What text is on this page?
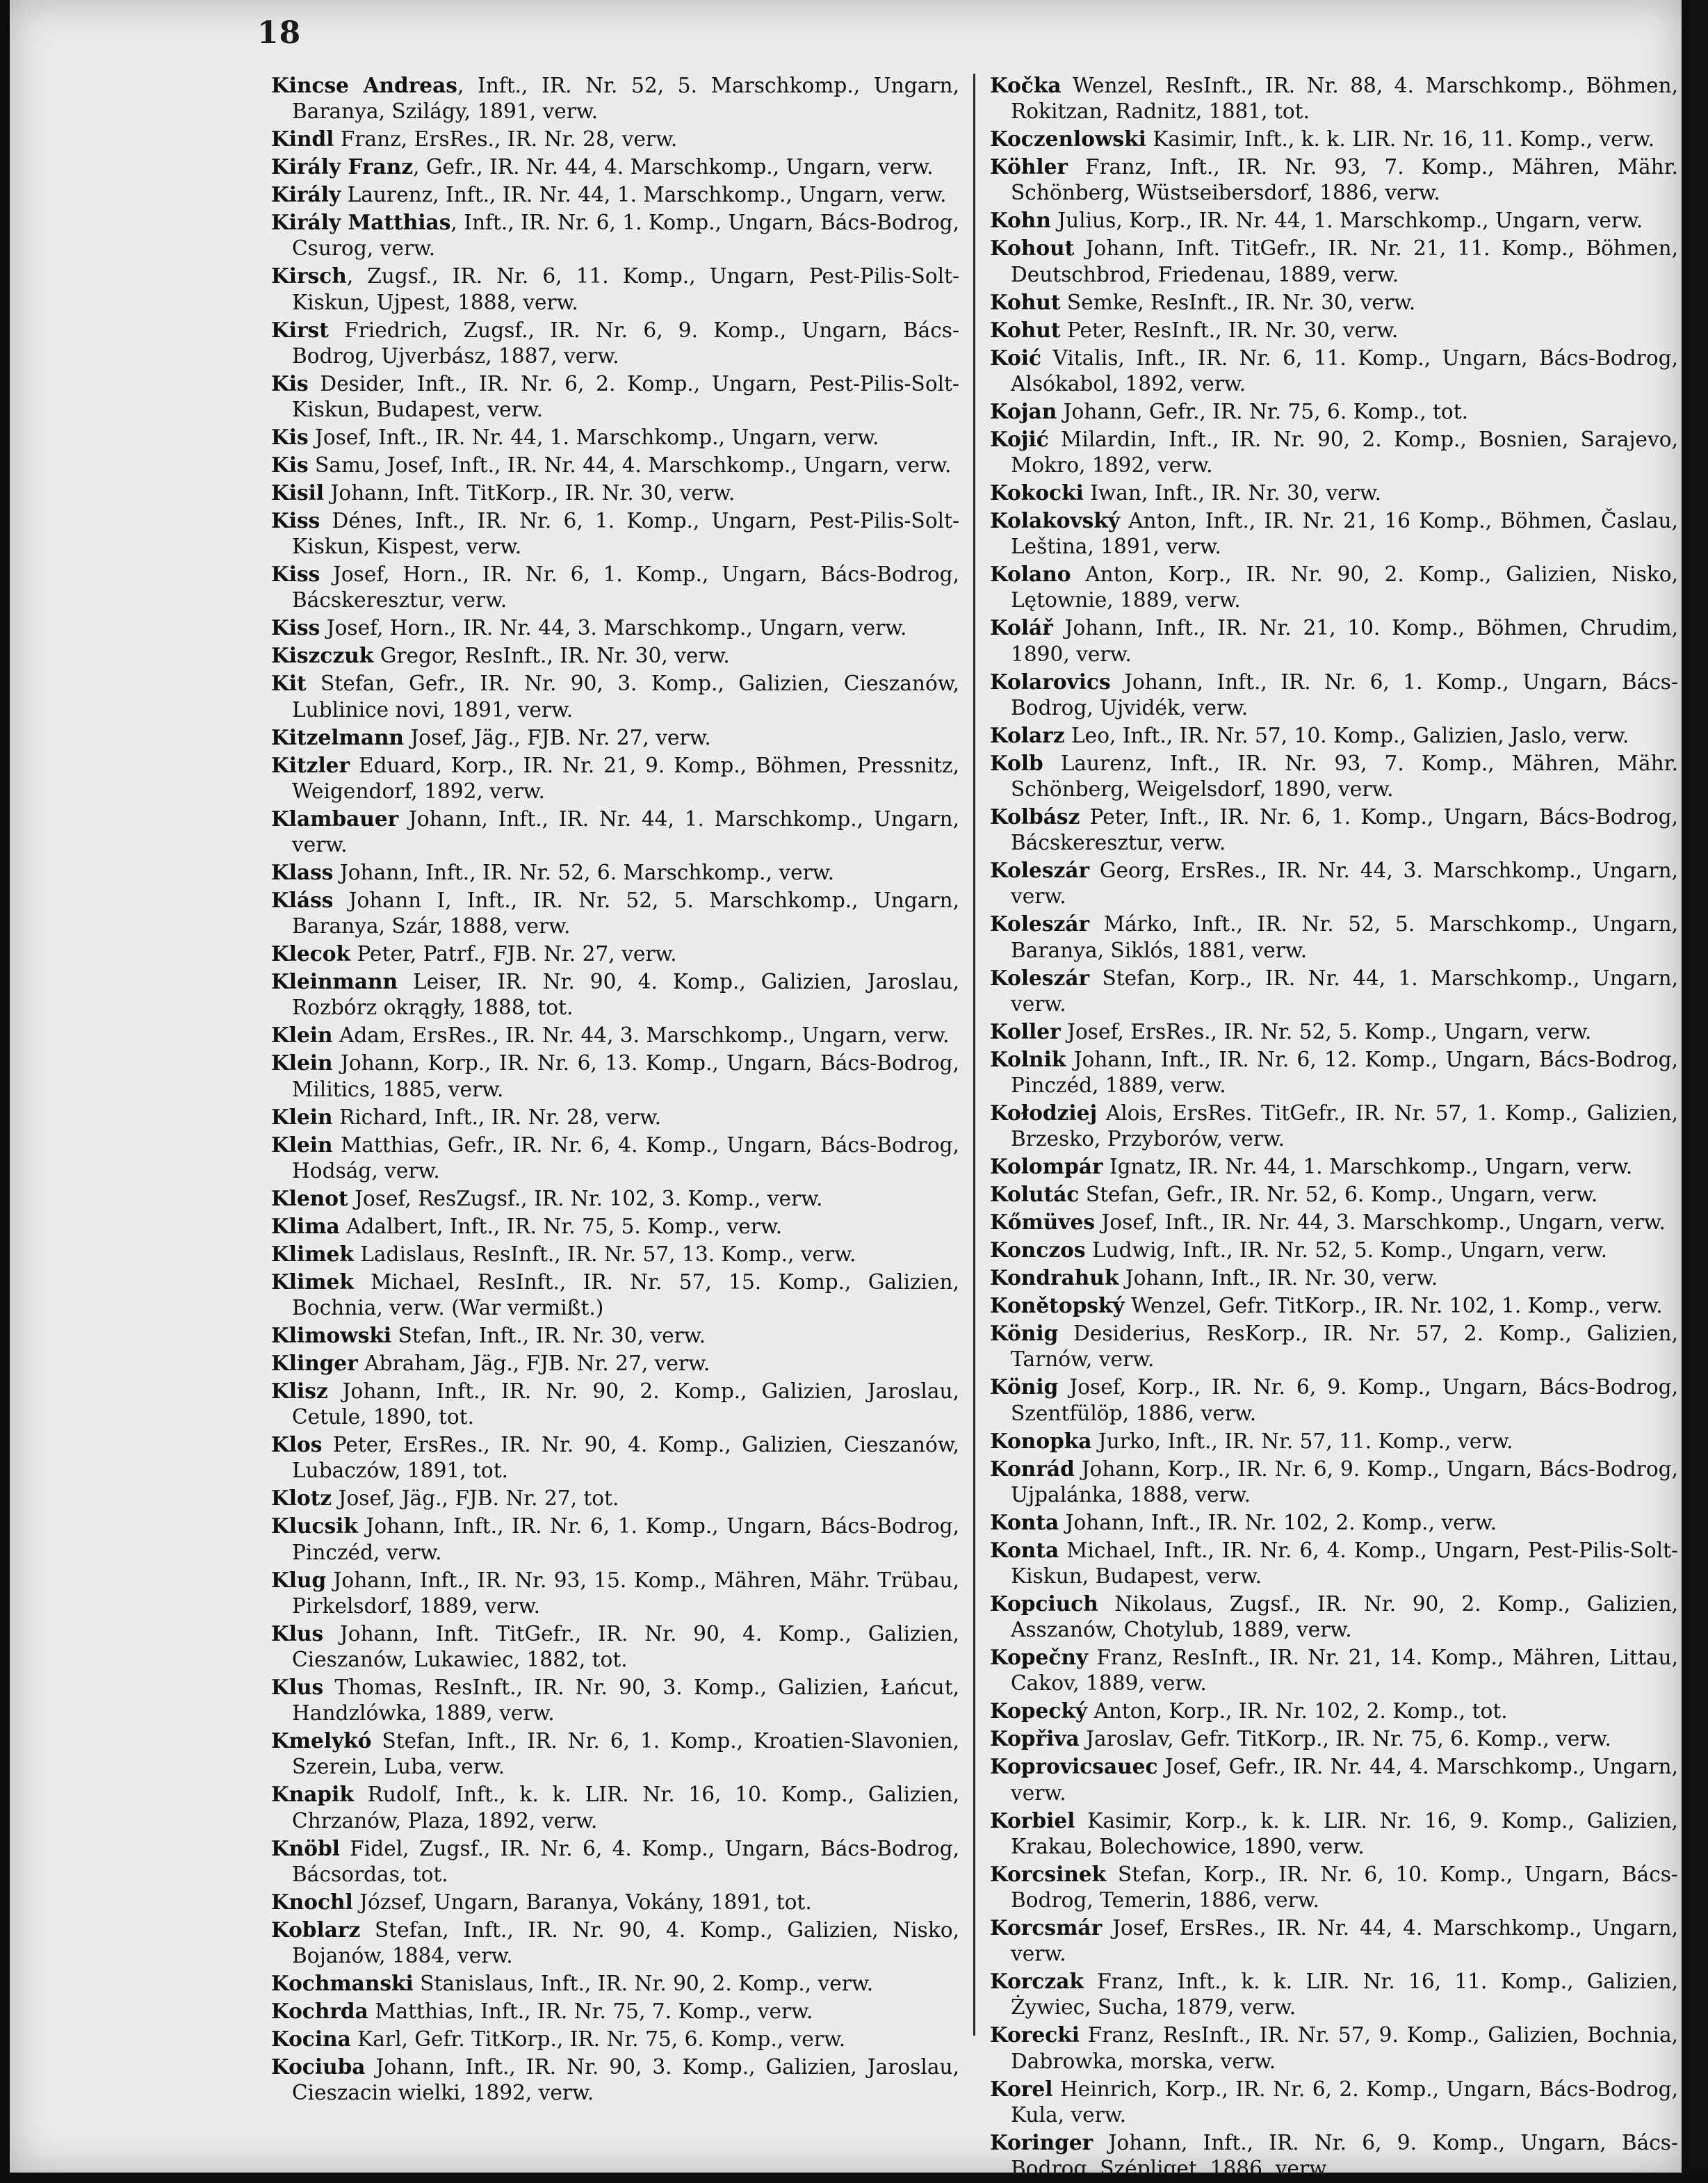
18

Kincse Andreas, Inft., IR. Nr. 52, 5. Marschkomp., Ungarn, Baranya, Szilágy, 1891, verw.

Kindl Franz, ErsRes., IR. Nr. 28, verw.

Király Franz, Gefr., IR. Nr. 44, 4. Marschkomp., Ungarn, verw.

Király Laurenz, Inft., IR. Nr. 44, 1. Marschkomp., Ungarn, verw.

Király Matthias, Inft., IR. Nr. 6, 1. Komp., Ungarn, Bács-Bodrog, Csurog, verw.

Kirsch, Zugsf., IR. Nr. 6, 11. Komp., Ungarn, Pest-Pilis-Solt-Kiskun, Ujpest, 1888, verw.

Kirst Friedrich, Zugsf., IR. Nr. 6, 9. Komp., Ungarn, Bács-Bodrog, Ujverbász, 1887, verw.

Kis Desider, Inft., IR. Nr. 6, 2. Komp., Ungarn, Pest-Pilis-Solt-Kiskun, Budapest, verw.

Kis Josef, Inft., IR. Nr. 44, 1. Marschkomp., Ungarn, verw.

Kis Samu, Josef, Inft., IR. Nr. 44, 4. Marschkomp., Ungarn, verw.

Kisil Johann, Inft. TitKorp., IR. Nr. 30, verw.

Kiss Dénes, Inft., IR. Nr. 6, 1. Komp., Ungarn, Pest-Pilis-Solt-Kiskun, Kispest, verw.

Kiss Josef, Horn., IR. Nr. 6, 1. Komp., Ungarn, Bács-Bodrog, Bácskeresztur, verw.

Kiss Josef, Horn., IR. Nr. 44, 3. Marschkomp., Ungarn, verw.

Kiszczuk Gregor, ResInft., IR. Nr. 30, verw.

Kit Stefan, Gefr., IR. Nr. 90, 3. Komp., Galizien, Cieszanów, Lublinice novi, 1891, verw.

Kitzelmann Josef, Jäg., FJB. Nr. 27, verw.

Kitzler Eduard, Korp., IR. Nr. 21, 9. Komp., Böhmen, Pressnitz, Weigendorf, 1892, verw.

Klambauer Johann, Inft., IR. Nr. 44, 1. Marschkomp., Ungarn, verw.

Klass Johann, Inft., IR. Nr. 52, 6. Marschkomp., verw.

Kláss Johann I, Inft., IR. Nr. 52, 5. Marschkomp., Ungarn, Baranya, Szár, 1888, verw.

Klecok Peter, Patrf., FJB. Nr. 27, verw.

Kleinmann Leiser, IR. Nr. 90, 4. Komp., Galizien, Jaroslau, Rozbórz okrągły, 1888, tot.

Klein Adam, ErsRes., IR. Nr. 44, 3. Marschkomp., Ungarn, verw.

Klein Johann, Korp., IR. Nr. 6, 13. Komp., Ungarn, Bács-Bodrog, Militics, 1885, verw.

Klein Richard, Inft., IR. Nr. 28, verw.

Klein Matthias, Gefr., IR. Nr. 6, 4. Komp., Ungarn, Bács-Bodrog, Hodság, verw.

Klenot Josef, ResZugsf., IR. Nr. 102, 3. Komp., verw.

Klima Adalbert, Inft., IR. Nr. 75, 5. Komp., verw.

Klimek Ladislaus, ResInft., IR. Nr. 57, 13. Komp., verw.

Klimek Michael, ResInft., IR. Nr. 57, 15. Komp., Galizien, Bochnia, verw. (War vermißt.)

Klimowski Stefan, Inft., IR. Nr. 30, verw.

Klinger Abraham, Jäg., FJB. Nr. 27, verw.

Klisz Johann, Inft., IR. Nr. 90, 2. Komp., Galizien, Jaroslau, Cetule, 1890, tot.

Klos Peter, ErsRes., IR. Nr. 90, 4. Komp., Galizien, Cieszanów, Lubaczów, 1891, tot.

Klotz Josef, Jäg., FJB. Nr. 27, tot.

Klucsik Johann, Inft., IR. Nr. 6, 1. Komp., Ungarn, Bács-Bodrog, Pinczéd, verw.

Klug Johann, Inft., IR. Nr. 93, 15. Komp., Mähren, Mähr. Trübau, Pirkelsdorf, 1889, verw.

Klus Johann, Inft. TitGefr., IR. Nr. 90, 4. Komp., Galizien, Cieszanów, Lukawiec, 1882, tot.

Klus Thomas, ResInft., IR. Nr. 90, 3. Komp., Galizien, Łańcut, Handzlówka, 1889, verw.

Kmelykó Stefan, Inft., IR. Nr. 6, 1. Komp., Kroatien-Slavonien, Szerein, Luba, verw.

Knapik Rudolf, Inft., k. k. LIR. Nr. 16, 10. Komp., Galizien, Chrzanów, Plaza, 1892, verw.

Knöbl Fidel, Zugsf., IR. Nr. 6, 4. Komp., Ungarn, Bács-Bodrog, Bácsordas, tot.

Knochl József, Ungarn, Baranya, Vokány, 1891, tot.

Koblarz Stefan, Inft., IR. Nr. 90, 4. Komp., Galizien, Nisko, Bojanów, 1884, verw.

Kochmanski Stanislaus, Inft., IR. Nr. 90, 2. Komp., verw.

Kochrda Matthias, Inft., IR. Nr. 75, 7. Komp., verw.

Kocina Karl, Gefr. TitKorp., IR. Nr. 75, 6. Komp., verw.

Kociuba Johann, Inft., IR. Nr. 90, 3. Komp., Galizien, Jaroslau, Cieszacin wielki, 1892, verw.

Kočka Wenzel, ResInft., IR. Nr. 88, 4. Marschkomp., Böhmen, Rokitzan, Radnitz, 1881, tot.

Koczenlowski Kasimir, Inft., k. k. LIR. Nr. 16, 11. Komp., verw.

Köhler Franz, Inft., IR. Nr. 93, 7. Komp., Mähren, Mähr. Schönberg, Wüstseibersdorf, 1886, verw.

Kohn Julius, Korp., IR. Nr. 44, 1. Marschkomp., Ungarn, verw.

Kohout Johann, Inft. TitGefr., IR. Nr. 21, 11. Komp., Böhmen, Deutschbrod, Friedenau, 1889, verw.

Kohut Semke, ResInft., IR. Nr. 30, verw.

Kohut Peter, ResInft., IR. Nr. 30, verw.

Koić Vitalis, Inft., IR. Nr. 6, 11. Komp., Ungarn, Bács-Bodrog, Alsókabol, 1892, verw.

Kojan Johann, Gefr., IR. Nr. 75, 6. Komp., tot.

Kojić Milardin, Inft., IR. Nr. 90, 2. Komp., Bosnien, Sarajevo, Mokro, 1892, verw.

Kokocki Iwan, Inft., IR. Nr. 30, verw.

Kolakovský Anton, Inft., IR. Nr. 21, 16 Komp., Böhmen, Časlau, Leština, 1891, verw.

Kolano Anton, Korp., IR. Nr. 90, 2. Komp., Galizien, Nisko, Lętownie, 1889, verw.

Kolář Johann, Inft., IR. Nr. 21, 10. Komp., Böhmen, Chrudim, 1890, verw.

Kolarovics Johann, Inft., IR. Nr. 6, 1. Komp., Ungarn, Bács-Bodrog, Ujvidék, verw.

Kolarz Leo, Inft., IR. Nr. 57, 10. Komp., Galizien, Jaslo, verw.

Kolb Laurenz, Inft., IR. Nr. 93, 7. Komp., Mähren, Mähr. Schönberg, Weigelsdorf, 1890, verw.

Kolbász Peter, Inft., IR. Nr. 6, 1. Komp., Ungarn, Bács-Bodrog, Bácskeresztur, verw.

Koleszár Georg, ErsRes., IR. Nr. 44, 3. Marschkomp., Ungarn, verw.

Koleszár Márko, Inft., IR. Nr. 52, 5. Marschkomp., Ungarn, Baranya, Siklós, 1881, verw.

Koleszár Stefan, Korp., IR. Nr. 44, 1. Marschkomp., Ungarn, verw.

Koller Josef, ErsRes., IR. Nr. 52, 5. Komp., Ungarn, verw.

Kolnik Johann, Inft., IR. Nr. 6, 12. Komp., Ungarn, Bács-Bodrog, Pinczéd, 1889, verw.

Kołodziej Alois, ErsRes. TitGefr., IR. Nr. 57, 1. Komp., Galizien, Brzesko, Przyborów, verw.

Kolompár Ignatz, IR. Nr. 44, 1. Marschkomp., Ungarn, verw.

Kolutác Stefan, Gefr., IR. Nr. 52, 6. Komp., Ungarn, verw.

Kőmüves Josef, Inft., IR. Nr. 44, 3. Marschkomp., Ungarn, verw.

Konczos Ludwig, Inft., IR. Nr. 52, 5. Komp., Ungarn, verw.

Kondrahuk Johann, Inft., IR. Nr. 30, verw.

Konětopský Wenzel, Gefr. TitKorp., IR. Nr. 102, 1. Komp., verw.

König Desiderius, ResKorp., IR. Nr. 57, 2. Komp., Galizien, Tarnów, verw.

König Josef, Korp., IR. Nr. 6, 9. Komp., Ungarn, Bács-Bodrog, Szentfülöp, 1886, verw.

Konopka Jurko, Inft., IR. Nr. 57, 11. Komp., verw.

Konrád Johann, Korp., IR. Nr. 6, 9. Komp., Ungarn, Bács-Bodrog, Ujpalánka, 1888, verw.

Konta Johann, Inft., IR. Nr. 102, 2. Komp., verw.

Konta Michael, Inft., IR. Nr. 6, 4. Komp., Ungarn, Pest-Pilis-Solt-Kiskun, Budapest, verw.

Kopciuch Nikolaus, Zugsf., IR. Nr. 90, 2. Komp., Galizien, Asszanów, Chotylub, 1889, verw.

Kopečny Franz, ResInft., IR. Nr. 21, 14. Komp., Mähren, Littau, Cakov, 1889, verw.

Kopecký Anton, Korp., IR. Nr. 102, 2. Komp., tot.

Kopřiva Jaroslav, Gefr. TitKorp., IR. Nr. 75, 6. Komp., verw.

Koprovicsauec Josef, Gefr., IR. Nr. 44, 4. Marschkomp., Ungarn, verw.

Korbiel Kasimir, Korp., k. k. LIR. Nr. 16, 9. Komp., Galizien, Krakau, Bolechowice, 1890, verw.

Korcsinek Stefan, Korp., IR. Nr. 6, 10. Komp., Ungarn, Bács-Bodrog, Temerin, 1886, verw.

Korcsmár Josef, ErsRes., IR. Nr. 44, 4. Marschkomp., Ungarn, verw.

Korczak Franz, Inft., k. k. LIR. Nr. 16, 11. Komp., Galizien, Żywiec, Sucha, 1879, verw.

Korecki Franz, ResInft., IR. Nr. 57, 9. Komp., Galizien, Bochnia, Dabrowka, morska, verw.

Korel Heinrich, Korp., IR. Nr. 6, 2. Komp., Ungarn, Bács-Bodrog, Kula, verw.

Koringer Johann, Inft., IR. Nr. 6, 9. Komp., Ungarn, Bács-Bodrog, Szépliget, 1886, verw.
